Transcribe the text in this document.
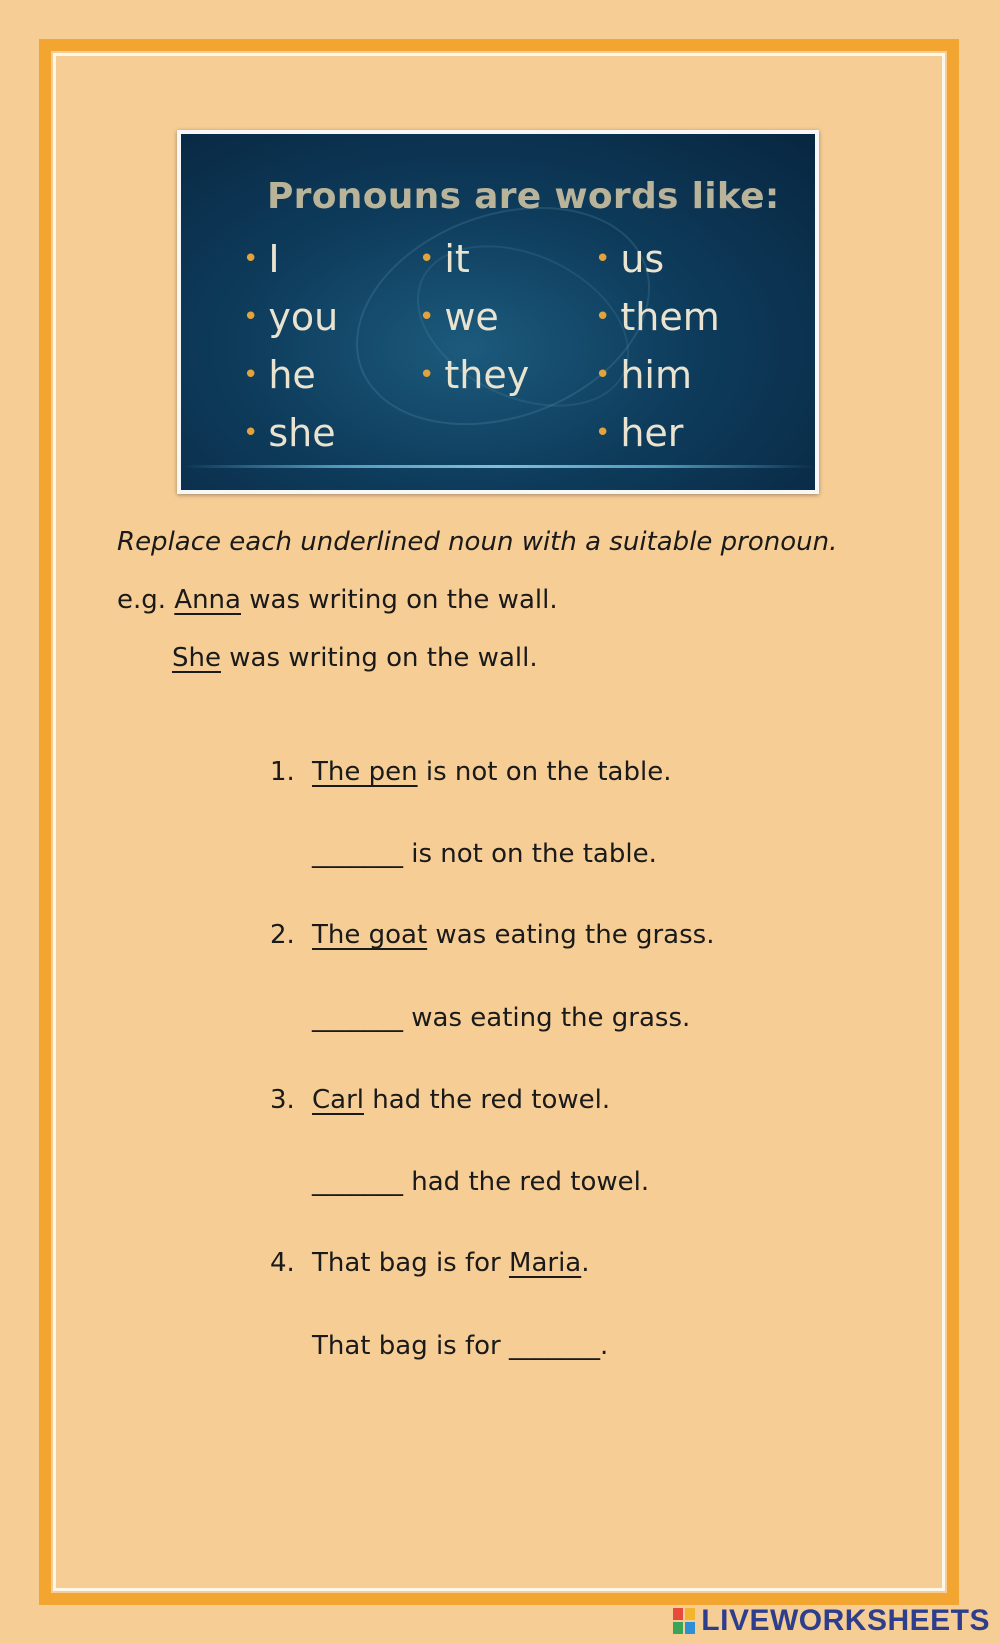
Pronouns are words like:
• I
• you
• he
• she
• it
• we
• they
• us
• them
• him
• her
Replace each underlined noun with a suitable pronoun.
e.g. Anna was writing on the wall.
She was writing on the wall.
1. The pen is not on the table.
_______ is not on the table.
2. The goat was eating the grass.
_______ was eating the grass.
3. Carl had the red towel.
_______ had the red towel.
4. That bag is for Maria.
That bag is for _______.
LIVEWORKSHEETS
